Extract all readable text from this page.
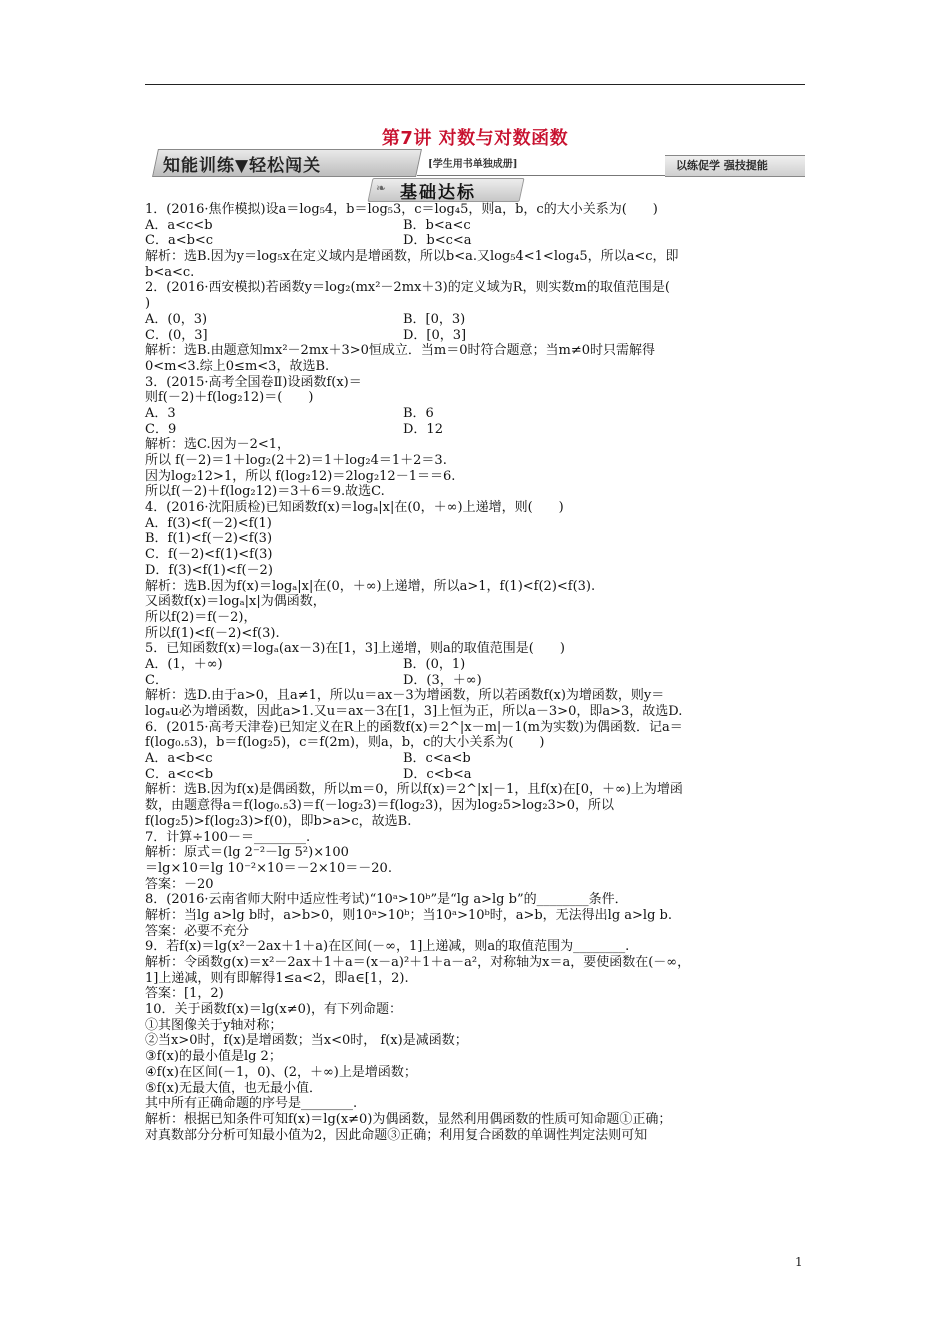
第7讲 对数与对数函数
知能训练▼轻松闯关	[学生用书单独成册]	以练促学 强技提能
❧ 基础达标
1．(2016·焦作模拟)设a＝log₅4，b＝log₅3，c＝log₄5，则a，b，c的大小关系为(　　)
A．a<c<b	B．b<a<c
C．a<b<c	D．b<c<a
解析：选B.因为y＝log₅x在定义域内是增函数，所以b<a.又log₅4<1<log₄5，所以a<c，即
b<a<c.
2．(2016·西安模拟)若函数y＝log₂(mx²－2mx＋3)的定义域为R，则实数m的取值范围是(
)
A．(0，3)	B．[0，3)
C．(0，3]	D．[0，3]
解析：选B.由题意知mx²－2mx＋3>0恒成立．当m＝0时符合题意；当m≠0时只需解得
0<m<3.综上0≤m<3，故选B.
3．(2015·高考全国卷Ⅱ)设函数f(x)＝
则f(－2)＋f(log₂12)＝(　　)
A．3	B．6
C．9	D．12
解析：选C.因为－2<1，
所以 f(－2)＝1＋log₂(2＋2)＝1＋log₂4＝1＋2＝3.
因为log₂12>1，所以 f(log₂12)＝2log₂12－1＝＝6.
所以f(－2)＋f(log₂12)＝3＋6＝9.故选C.
4．(2016·沈阳质检)已知函数f(x)＝logₐ|x|在(0，＋∞)上递增，则(　　)
A．f(3)<f(－2)<f(1)
B．f(1)<f(－2)<f(3)
C．f(－2)<f(1)<f(3)
D．f(3)<f(1)<f(－2)
解析：选B.因为f(x)＝logₐ|x|在(0，＋∞)上递增，所以a>1，f(1)<f(2)<f(3).
又函数f(x)＝logₐ|x|为偶函数，
所以f(2)＝f(－2)，
所以f(1)<f(－2)<f(3).
5．已知函数f(x)＝logₐ(ax－3)在[1，3]上递增，则a的取值范围是(　　)
A．(1，＋∞)	B．(0，1)
C．	D．(3，＋∞)
解析：选D.由于a>0，且a≠1，所以u＝ax－3为增函数，所以若函数f(x)为增函数，则y＝
logₐu必为增函数，因此a>1.又u＝ax－3在[1，3]上恒为正，所以a－3>0，即a>3，故选D.
6．(2015·高考天津卷)已知定义在R上的函数f(x)＝2^|x－m|－1(m为实数)为偶函数．记a＝
f(log₀.₅3)，b＝f(log₂5)，c＝f(2m)，则a，b，c的大小关系为(　　)
A．a<b<c	B．c<a<b
C．a<c<b	D．c<b<a
解析：选B.因为f(x)是偶函数，所以m＝0，所以f(x)＝2^|x|－1，且f(x)在[0，＋∞)上为增函
数，由题意得a＝f(log₀.₅3)＝f(－log₂3)＝f(log₂3)，因为log₂5>log₂3>0，所以
f(log₂5)>f(log₂3)>f(0)，即b>a>c，故选B.
7．计算÷100－＝________.
解析：原式＝(lg 2⁻²－lg 5²)×100
＝lg×10＝lg 10⁻²×10＝－2×10＝－20.
答案：－20
8．(2016·云南省师大附中适应性考试)“10ᵃ>10ᵇ”是“lg a>lg b”的________条件．
解析：当lg a>lg b时，a>b>0，则10ᵃ>10ᵇ；当10ᵃ>10ᵇ时，a>b，无法得出lg a>lg b.
答案：必要不充分
9．若f(x)＝lg(x²－2ax＋1＋a)在区间(－∞，1]上递减，则a的取值范围为________.
解析：令函数g(x)＝x²－2ax＋1＋a＝(x－a)²＋1＋a－a²，对称轴为x＝a，要使函数在(－∞，
1]上递减，则有即解得1≤a<2，即a∈[1，2).
答案：[1，2)
10．关于函数f(x)＝lg(x≠0)，有下列命题：
①其图像关于y轴对称；
②当x>0时，f(x)是增函数；当x<0时， f(x)是减函数；
③f(x)的最小值是lg 2；
④f(x)在区间(－1，0)、(2，＋∞)上是增函数；
⑤f(x)无最大值，也无最小值．
其中所有正确命题的序号是________.
解析：根据已知条件可知f(x)＝lg(x≠0)为偶函数，显然利用偶函数的性质可知命题①正确；
对真数部分分析可知最小值为2，因此命题③正确；利用复合函数的单调性判定法则可知
1
